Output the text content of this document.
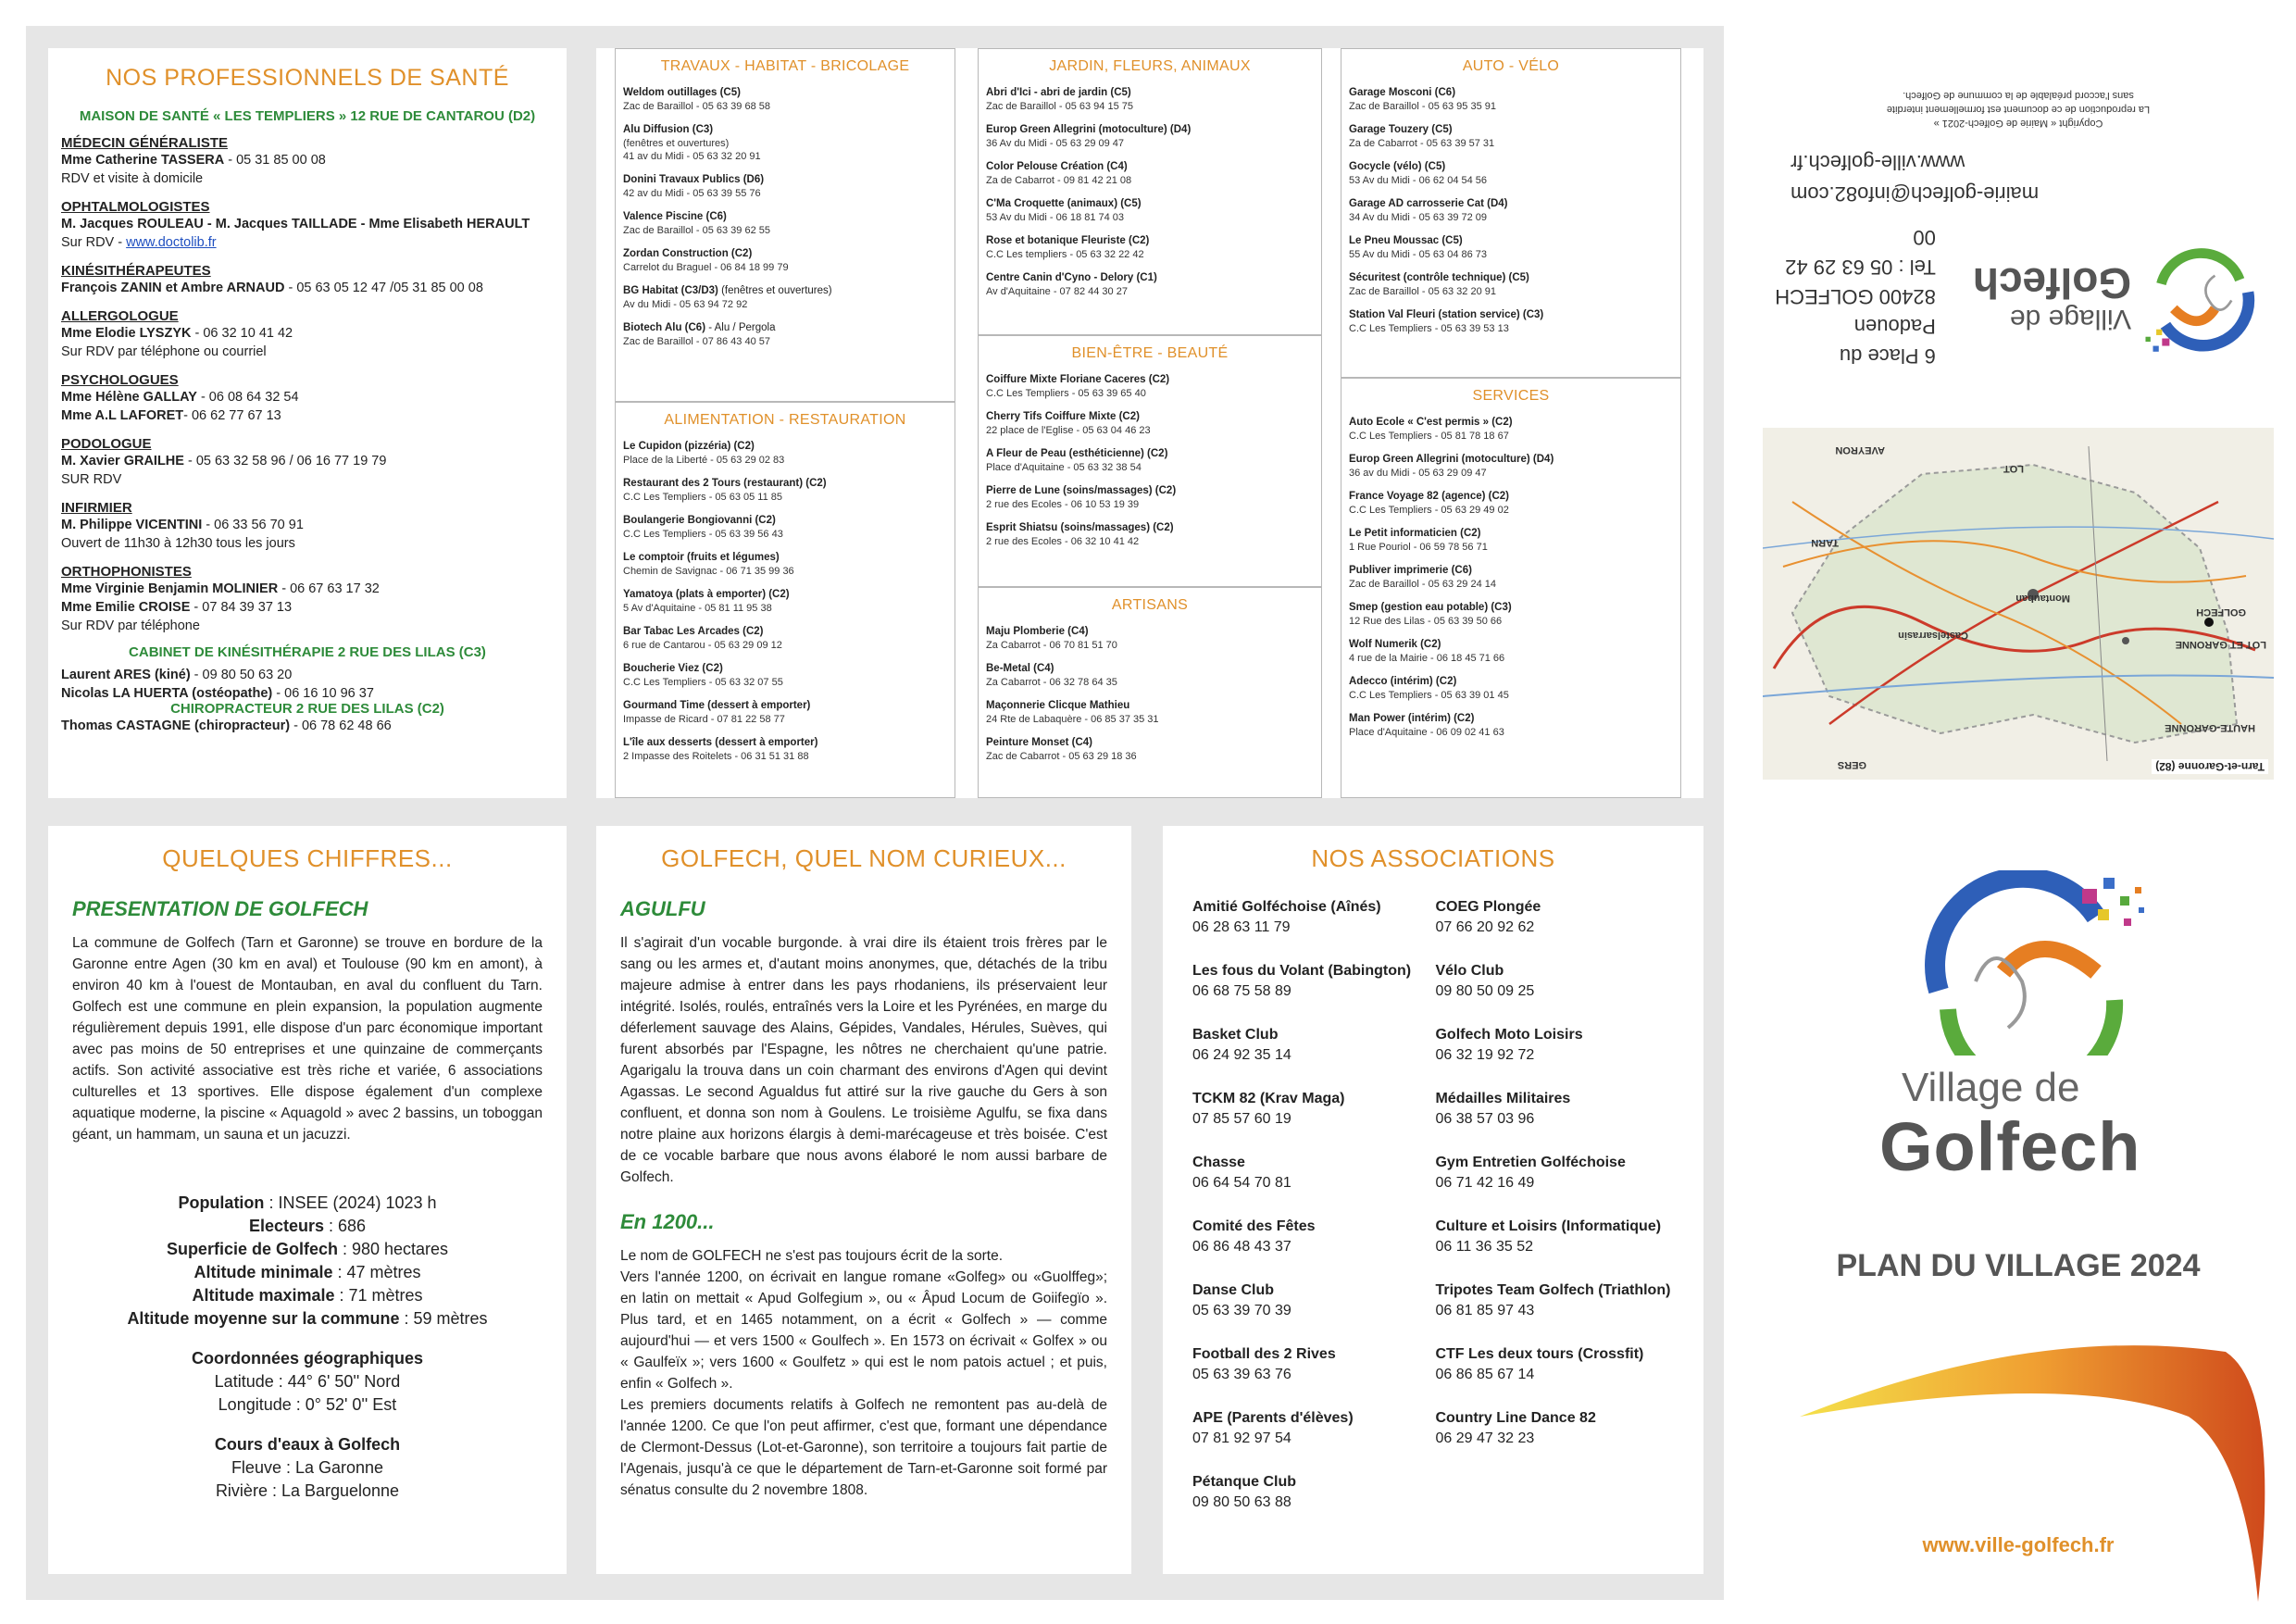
NOS PROFESSIONNELS DE SANTÉ
MAISON DE SANTÉ « LES TEMPLIERS » 12 RUE DE CANTAROU (D2)
MÉDECIN GÉNÉRALISTE
Mme Catherine TASSERA - 05 31 85 00 08
RDV et visite à domicile
OPHTALMOLOGISTES
M. Jacques ROULEAU - M. Jacques TAILLADE - Mme Elisabeth HERAULT
Sur RDV - www.doctolib.fr
KINÉSITHÉRAPEUTES
François ZANIN et Ambre ARNAUD - 05 63 05 12 47 /05 31 85 00 08
ALLERGOLOGUE
Mme Elodie LYSZYK - 06 32 10 41 42
Sur RDV par téléphone ou courriel
PSYCHOLOGUES
Mme Hélène GALLAY - 06 08 64 32 54
Mme A.L LAFORET- 06 62 77 67 13
PODOLOGUE
M. Xavier GRAILHE - 05 63 32 58 96 / 06 16 77 19 79
SUR RDV
INFIRMIER
M. Philippe VICENTINI - 06 33 56 70 91
Ouvert de 11h30 à 12h30 tous les jours
ORTHOPHONISTES
Mme Virginie Benjamin MOLINIER - 06 67 63 17 32
Mme Emilie CROISE - 07 84 39 37 13
Sur RDV par téléphone
CABINET DE KINÉSITHÉRAPIE 2 RUE DES LILAS (C3)
Laurent ARES (kiné) - 09 80 50 63 20
Nicolas LA HUERTA (ostéopathe) - 06 16 10 96 37
CHIROPRACTEUR 2 RUE DES LILAS (C2)
Thomas CASTAGNE (chiropracteur) - 06 78 62 48 66
TRAVAUX - HABITAT - BRICOLAGE
Weldom outillages (C5)
Zac de Baraillol - 05 63 39 68 58
Alu Diffusion (C3)
(fenêtres et ouvertures)
41 av du Midi - 05 63 32 20 91
Donini Travaux Publics (D6)
42 av du Midi - 05 63 39 55 76
Valence Piscine (C6)
Zac de Baraillol - 05 63 39 62 55
Zordan Construction (C2)
Carrelot du Braguel - 06 84 18 99 79
BG Habitat (C3/D3) (fenêtres et ouvertures)
Av du Midi - 05 63 94 72 92
Biotech Alu (C6) - Alu / Pergola
Zac de Baraillol - 07 86 43 40 57
ALIMENTATION - RESTAURATION
Le Cupidon (pizzéria) (C2)
Place de la Liberté - 05 63 29 02 83
Restaurant des 2 Tours (restaurant) (C2)
C.C Les Templiers - 05 63 05 11 85
Boulangerie Bongiovanni (C2)
C.C Les Templiers - 05 63 39 56 43
Le comptoir (fruits et légumes)
Chemin de Savignac - 06 71 35 99 36
Yamatoya (plats à emporter) (C2)
5 Av d'Aquitaine - 05 81 11 95 38
Bar Tabac Les Arcades (C2)
6 rue de Cantarou - 05 63 29 09 12
Boucherie Viez (C2)
C.C Les Templiers - 05 63 32 07 55
Gourmand Time (dessert à emporter)
Impasse de Ricard - 07 81 22 58 77
L'île aux desserts (dessert à emporter)
2 Impasse des Roitelets - 06 31 51 31 88
JARDIN, FLEURS, ANIMAUX
Abri d'Ici - abri de jardin (C5)
Zac de Baraillol - 05 63 94 15 75
Europ Green Allegrini (motoculture) (D4)
36 Av du Midi - 05 63 29 09 47
Color Pelouse Création (C4)
Za de Cabarrot - 09 81 42 21 08
C'Ma Croquette (animaux) (C5)
53 Av du Midi - 06 18 81 74 03
Rose et botanique Fleuriste (C2)
C.C Les templiers - 05 63 32 22 42
Centre Canin d'Cyno - Delory (C1)
Av d'Aquitaine - 07 82 44 30 27
BIEN-ÊTRE - BEAUTÉ
Coiffure Mixte Floriane Caceres (C2)
C.C Les Templiers - 05 63 39 65 40
Cherry Tifs Coiffure Mixte (C2)
22 place de l'Eglise - 05 63 04 46 23
A Fleur de Peau (esthéticienne) (C2)
Place d'Aquitaine - 05 63 32 38 54
Pierre de Lune (soins/massages) (C2)
2 rue des Ecoles - 06 10 53 19 39
Esprit Shiatsu (soins/massages) (C2)
2 rue des Ecoles - 06 32 10 41 42
ARTISANS
Maju Plomberie (C4)
Za Cabarrot - 06 70 81 51 70
Be-Metal (C4)
Za Cabarrot - 06 32 78 64 35
Maçonnerie Clicque Mathieu
24 Rte de Labaquère - 06 85 37 35 31
Peinture Monset (C4)
Zac de Cabarrot - 05 63 29 18 36
AUTO - VÉLO
Garage Mosconi (C6)
Zac de Baraillol - 05 63 95 35 91
Garage Touzery (C5)
Za de Cabarrot - 05 63 39 57 31
Gocycle (vélo) (C5)
53 Av du Midi - 06 62 04 54 56
Garage AD carrosserie Cat (D4)
34 Av du Midi - 05 63 39 72 09
Le Pneu Moussac (C5)
55 Av du Midi - 05 63 04 86 73
Sécuritest (contrôle technique) (C5)
Zac de Baraillol - 05 63 32 20 91
Station Val Fleuri (station service) (C3)
C.C Les Templiers - 05 63 39 53 13
SERVICES
Auto Ecole « C'est permis » (C2)
C.C Les Templiers - 05 81 78 18 67
Europ Green Allegrini (motoculture) (D4)
36 av du Midi - 05 63 29 09 47
France Voyage 82 (agence) (C2)
C.C Les Templiers - 05 63 29 49 02
Le Petit informaticien (C2)
1 Rue Pouriol - 06 59 78 56 71
Publiver imprimerie (C6)
Zac de Baraillol - 05 63 29 24 14
Smep (gestion eau potable) (C3)
12 Rue des Lilas - 05 63 39 50 66
Wolf Numerik (C2)
4 rue de la Mairie - 06 18 45 71 66
Adecco (intérim) (C2)
C.C Les Templiers - 05 63 39 01 45
Man Power (intérim) (C2)
Place d'Aquitaine - 06 09 02 41 63
QUELQUES CHIFFRES...
PRESENTATION DE GOLFECH
La commune de Golfech (Tarn et Garonne) se trouve en bordure de la Garonne entre Agen (30 km en aval) et Toulouse (90 km en amont), à environ 40 km à l'ouest de Montauban, en aval du confluent du Tarn. Golfech est une commune en plein expansion, la population augmente régulièrement depuis 1991, elle dispose d'un parc économique important avec pas moins de 50 entreprises et une quinzaine de commerçants actifs. Son activité associative est très riche et variée, 6 associations culturelles et 13 sportives. Elle dispose également d'un complexe aquatique moderne, la piscine « Aquagold » avec 2 bassins, un toboggan géant, un hammam, un sauna et un jacuzzi.
Population : INSEE (2024) 1023 h
Electeurs : 686
Superficie de Golfech : 980 hectares
Altitude minimale : 47 mètres
Altitude maximale : 71 mètres
Altitude moyenne sur la commune : 59 mètres
Coordonnées géographiques
Latitude : 44° 6' 50'' Nord
Longitude : 0° 52' 0'' Est
Cours d'eaux à Golfech
Fleuve : La Garonne
Rivière : La Barguelonne
GOLFECH, QUEL NOM CURIEUX...
AGULFU
Il s'agirait d'un vocable burgonde. à vrai dire ils étaient trois frères par le sang ou les armes et, d'autant moins anonymes, que, détachés de la tribu majeure admise à entrer dans les pays rhodaniens, ils préservaient leur intégrité. Isolés, roulés, entraînés vers la Loire et les Pyrénées, en marge du déferlement sauvage des Alains, Gépides, Vandales, Hérules, Suèves, qui furent absorbés par l'Espagne, les nôtres ne cherchaient qu'une patrie. Agarigalu la trouva dans un coin charmant des environs d'Agen qui devint Agassas. Le second Agualdus fut attiré sur la rive gauche du Gers à son confluent, et donna son nom à Goulens. Le troisième Agulfu, se fixa dans notre plaine aux horizons élargis à demi-marécageuse et très boisée. C'est de ce vocable barbare que nous avons élaboré le nom aussi barbare de Golfech.
En 1200...
Le nom de GOLFECH ne s'est pas toujours écrit de la sorte.
Vers l'année 1200, on écrivait en langue romane «Golfeg» ou «Guolffeg»; en latin on mettait « Apud Golfegium », ou « Âpud Locum de Goiifegïo ». Plus tard, et en 1465 notamment, on a écrit « Golfech » — comme aujourd'hui — et vers 1500 « Goulfech ». En 1573 on écrivait « Golfex » ou « Gaulfeïx »; vers 1600 « Goulfetz » qui est le nom patois actuel ; et puis, enfin « Golfech ».
Les premiers documents relatifs à Golfech ne remontent pas au-delà de l'année 1200. Ce que l'on peut affirmer, c'est que, formant une dépendance de Clermont-Dessus (Lot-et-Garonne), son territoire a toujours fait partie de l'Agenais, jusqu'à ce que le département de Tarn-et-Garonne soit formé par sénatus consulte du 2 novembre 1808.
NOS ASSOCIATIONS
Amitié Golféchoise (Aînés)
06 28 63 11 79
Les fous du Volant (Babington)
06 68 75 58 89
Basket Club
06 24 92 35 14
TCKM 82 (Krav Maga)
07 85 57 60 19
Chasse
06 64 54 70 81
Comité des Fêtes
06 86 48 43 37
Danse Club
05 63 39 70 39
Football des 2 Rives
05 63 39 63 76
APE (Parents d'élèves)
07 81 92 97 54
Pétanque Club
09 80 50 63 88
COEG Plongée
07 66 20 92 62
Vélo Club
09 80 50 09 25
Golfech Moto Loisirs
06 32 19 92 72
Médailles Militaires
06 38 57 03 96
Gym Entretien Golféchoise
06 71 42 16 49
Culture et Loisirs (Informatique)
06 11 36 35 52
Tripotes Team Golfech (Triathlon)
06 81 85 97 43
CTF Les deux tours (Crossfit)
06 86 85 67 14
Country Line Dance 82
06 29 47 32 23
Village de
Golfech
6 Place du Padouen
82400 GOLFECH
Tel : 05 63 29 42 00
mairie-golfech@info82.com
www.ville-golfech.fr
Copyright « Mairie de Golfech-2021 »
La reproduction de ce document est formellement interdite
sans l'accord préalable de la commune de Golfech.
GERS
HAUTE-GARONNE
LOT ET GARONNE
Montauban
Castelsarrasin
GOLFECH
LOT
TARN
AVEYRON
Tarn-et-Garonne (82)
Village de
Golfech
PLAN DU VILLAGE 2024
www.ville-golfech.fr
